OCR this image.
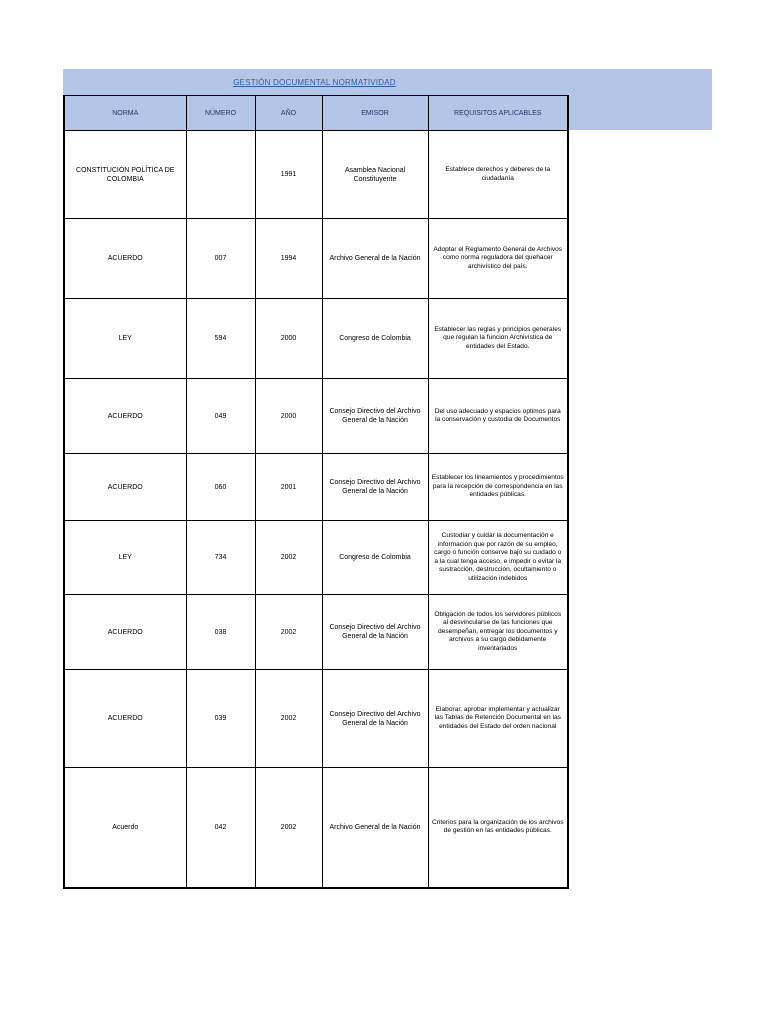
GESTIÓN DOCUMENTAL NORMATIVIDAD
NORMA	NÚMERO	AÑO	EMISOR	REQUISITOS APLICABLES
CONSTITUCIÓN POLÍTICA DE COLOMBIA		1991	Asamblea Nacional Constituyente	Establece derechos y deberes de la ciudadanía
ACUERDO	007	1994	Archivo General de la Nación	Adoptar el Reglamento General de Archivos como norma reguladora del quehacer archivístico del país.
LEY	594	2000	Congreso de Colombia	Establecer las reglas y principios generales que regulan la función Archivística de entidades del Estado.
ACUERDO	049	2000	Consejo Directivo del Archivo General de la Nación	Del uso adecuado y espacios optimos para la conservación y custodia de Documentos
ACUERDO	060	2001	Consejo Directivo del Archivo General de la Nación	Establecer los lineamientos y procedimientos para la recepción de correspondencia en las entidades públicas.
LEY	734	2002	Congreso de Colombia	Custodiar y cuidar la documentación e información que por razón de su empleo, cargo o función conserve bajo su cuidado o a la cual tenga acceso, e impedir o evitar la sustracción, destrucción, ocultamiento o utilización indebidos
ACUERDO	038	2002	Consejo Directivo del Archivo General de la Nación	Obligación de todos los servidores públicos al desvincularse de las funciones que desempeñan, entregar los documentos y archivos a su cargo debidamente inventariados
ACUERDO	039	2002	Consejo Directivo del Archivo General de la Nación	Elaborar, aprobar implementar y actualizar las Tablas de Retención Documental en las entidades del Estado del orden nacional
Acuerdo	042	2002	Archivo General de la Nación	Criterios para la organización de los archivos de gestión en las entidades públicas.
